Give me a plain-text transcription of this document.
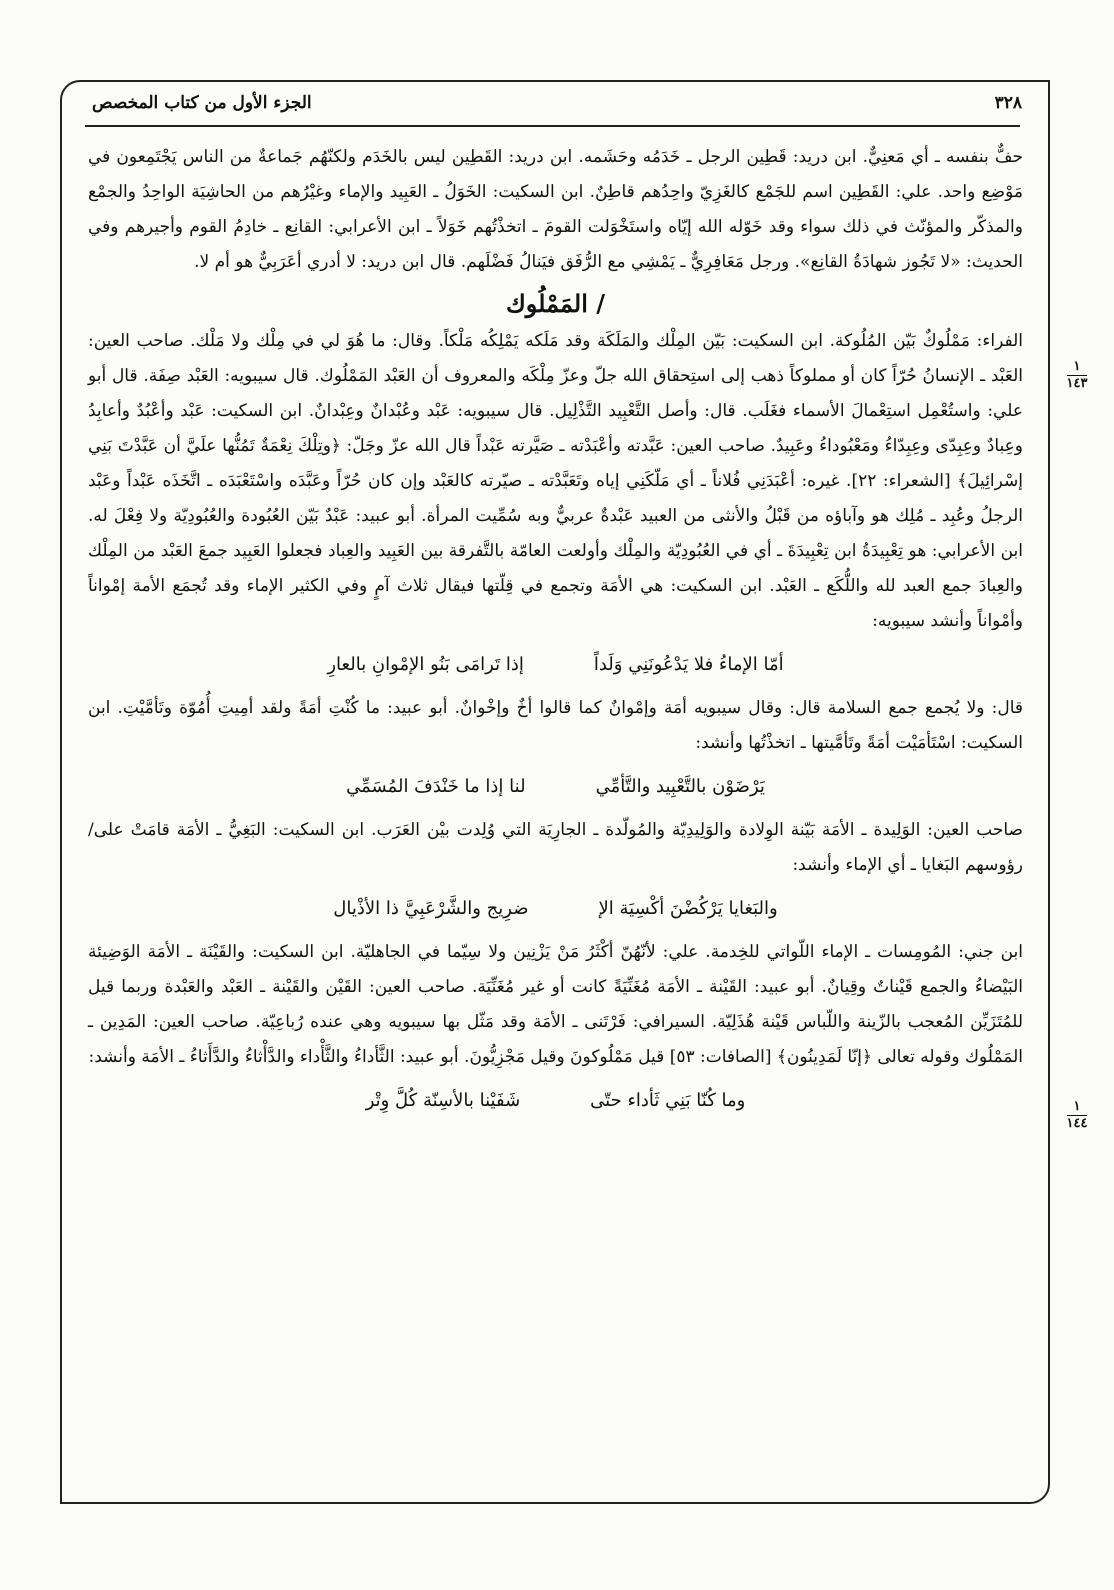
٣٢٨
الجزء الأول من كتاب المخصص
١
١٤٣
١
١٤٤

حفٌّ بنفسه ـ أي مَعنِيٌّ. ابن دريد: قَطِين الرجل ـ خَدَمُه وحَشَمه. ابن دريد: القَطِين ليس بالخَدَم ولكنّهُم جَماعةٌ من الناس يَجْتَمِعون في مَوْضِع واحد. علي: القَطِين اسم للجَمْع كالغَزِيّ واحِدُهم قاطِنٌ. ابن السكيت: الخَوَلُ ـ العَبِيد والإماء وغيْرُهم من الحاشِيَة الواحِدُ والجمْع والمذكّر والمؤنّث في ذلك سواء وقد خَوّله الله إيّاه واستَخْوَلت القومَ ـ اتخذْتُهم خَوَلاً ـ ابن الأعرابي: القانِع ـ خادِمُ القوم وأجيرهم وفي الحديث: «لا تَجُوز شهادَةُ القانِع». ورجل مَعَافِرِيٌّ ـ يَمْشِي مع الرُّفَق فيَنالُ فَضْلَهم. قال ابن دريد: لا أدري أعَرَبِيٌّ هو أم لا.

/ المَمْلُوك

الفراء: مَمْلُوكٌ بَيّن المُلُوكة. ابن السكيت: بَيّن المِلْك والمَلَكَة وقد مَلَكه يَمْلِكُه مَلْكاً. وقال: ما هُوَ لي في مِلْك ولا مَلْك. صاحب العين: العَبْد ـ الإنسانُ حُرّاً كان أو مملوكاً ذهب إلى استِحقاق الله جلّ وعزّ مِلْكَه والمعروف أن العَبْد المَمْلُوك. قال سيبويه: العَبْد صِفَة. قال أبو علي: واستُعْمِل استِعْمالَ الأسماء فغَلَب. قال: وأصل التَّعْبِيد التَّذْلِيل. قال سيبويه: عَبْد وعُبْدانٌ وعِبْدانٌ. ابن السكيت: عَبْد وأعْبُدٌ وأعابِدُ وعِبادٌ وعِبِدّى وعِبِدّاءُ ومَعْبُوداءُ وعَبِيدٌ. صاحب العين: عَبَّدته وأعْبَدْته ـ صَيَّرته عَبْداً قال الله عزّ وجَلّ: ﴿وتِلْكَ نِعْمَةٌ تَمُنُّها علَيَّ أن عَبَّدْتَ بَنِي إسْرائِيلَ﴾ [الشعراء: ٢٢]. غيره: أعْبَدَنِي فُلاناً ـ أي مَلّكَنِي إياه وتَعَبَّدْته ـ صيّرته كالعَبْد وإن كان حُرّاً وعَبَّدَه واسْتَعْبَدَه ـ اتَّخَذَه عَبْداً وعَبْد الرجلُ وعُبِد ـ مُلِك هو وآباؤه من قَبْلُ والأنثى من العبيد عَبْدةٌ عربيٌّ وبه سُمِّيت المرأة. أبو عبيد: عَبْدٌ بَيّن العُبُودة والعُبُودِيّة ولا فِعْلَ له. ابن الأعرابي: هو تِعْبِيدَةُ ابن تِعْبِيدَةَ ـ أي في العُبُودِيّة والمِلْك وأولعت العامّة بالتَّفرقة بين العَبِيد والعِباد فجعلوا العَبِيد جمعَ العَبْد من المِلْك والعِبادَ جمع العبد لله واللُّكَع ـ العَبْد. ابن السكيت: هي الأمَة وتجمع في قِلّتها فيقال ثلاث آمٍ وفي الكثير الإماء وقد تُجمَع الأمة إمْواناً وأمْواناً وأنشد سيبويه:

أمّا الإماءُ فلا يَدْعُونَنِي وَلَداً
إذا تَرامَى بَنُو الإمْوانِ بالعارِ

قال: ولا يُجمع جمع السلامة قال: وقال سيبويه أمَة وإمْوانٌ كما قالوا أخٌ وإخْوانٌ. أبو عبيد: ما كُنْتِ أمَةً ولقد أمِيتِ أُمُوّة وتَأمَّيْتِ. ابن السكيت: اسْتَأمَيْت أمَةً وتَأمَّيتها ـ اتخذْتُها وأنشد:

يَرْضَوْن بالتَّعْبِيد والتَّأمِّي
لنا إذا ما خَنْدَفَ المُسَمِّي

صاحب العين: الوَلِيدة ـ الأمَة بَيّنة الوِلادة والوَلِيدِيّة والمُولّدة ـ الجارِيَة التي وُلِدت بيْن العَرَب. ابن السكيت: البَغِيُّ ـ الأمَة قامَتْ على/ رؤوسهم البَغايا ـ أي الإماء وأنشد:

والبَغايا يَرْكُضْنَ أكْسِيَة الإ
ضرِيج والشَّرْعَبِيَّ ذا الأذْيال

ابن جني: المُومِسات ـ الإماء اللّواتي للخِدمة. علي: لأنّهُنّ أكْثَرُ مَنْ يَزْنِين ولا سِيّما في الجاهليّة. ابن السكيت: والقَيْنَة ـ الأمَة الوَضِيئة البَيْضاءُ والجمع قَيْناتٌ وقِيانٌ. أبو عبيد: القَيْنة ـ الأمَة مُغَنِّيَةً كانت أو غير مُغَنِّيَة. صاحب العين: القَيْن والقَيْنة ـ العَبْد والعَبْدة وربما قيل للمُتَزَيِّن المُعجب بالزّينة واللّباس قَيْنة هُذَلِيّة. السيرافي: فَرْتَنى ـ الأمَة وقد مَثّل بها سيبويه وهي عنده رُباعِيّة. صاحب العين: المَدِين ـ المَمْلُوك وقوله تعالى ﴿إنّا لَمَدِينُون﴾ [الصافات: ٥٣] قيل مَمْلُوكونَ وقيل مَجْزِيُّونَ. أبو عبيد: الثَّأداءُ والثَّأْداء والدَّأْثاءُ والدَّأَثاءُ ـ الأمَة وأنشد:

وما كُنّا بَنِي ثَأداء حتّى
شَفَيْنا بالأسِنّة كُلَّ وِتْر
